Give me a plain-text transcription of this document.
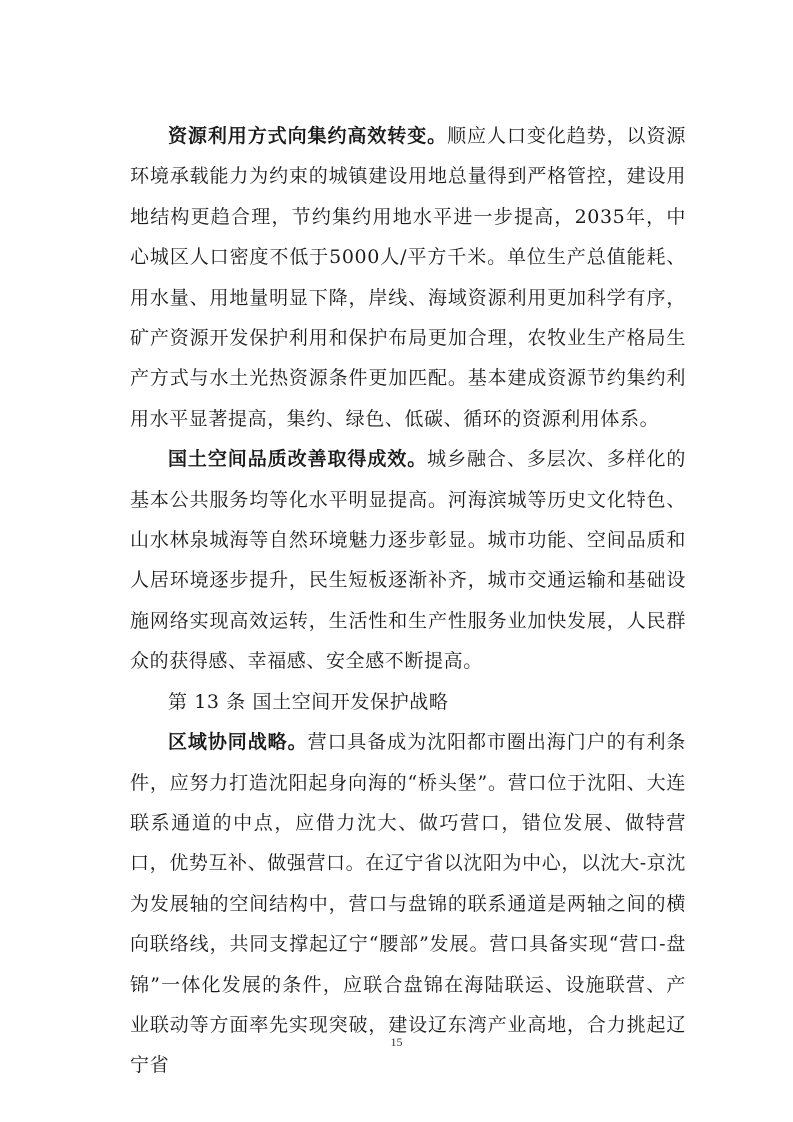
资源利用方式向集约高效转变。顺应人口变化趋势，以资源环境承载能力为约束的城镇建设用地总量得到严格管控，建设用地结构更趋合理，节约集约用地水平进一步提高，2035年，中心城区人口密度不低于5000人/平方千米。单位生产总值能耗、用水量、用地量明显下降，岸线、海域资源利用更加科学有序，矿产资源开发保护利用和保护布局更加合理，农牧业生产格局生产方式与水土光热资源条件更加匹配。基本建成资源节约集约利用水平显著提高，集约、绿色、低碳、循环的资源利用体系。

国土空间品质改善取得成效。城乡融合、多层次、多样化的基本公共服务均等化水平明显提高。河海滨城等历史文化特色、山水林泉城海等自然环境魅力逐步彰显。城市功能、空间品质和人居环境逐步提升，民生短板逐渐补齐，城市交通运输和基础设施网络实现高效运转，生活性和生产性服务业加快发展，人民群众的获得感、幸福感、安全感不断提高。

第 13 条 国土空间开发保护战略

区域协同战略。营口具备成为沈阳都市圈出海门户的有利条件，应努力打造沈阳起身向海的“桥头堡”。营口位于沈阳、大连联系通道的中点，应借力沈大、做巧营口，错位发展、做特营口，优势互补、做强营口。在辽宁省以沈阳为中心，以沈大-京沈为发展轴的空间结构中，营口与盘锦的联系通道是两轴之间的横向联络线，共同支撑起辽宁“腰部”发展。营口具备实现“营口-盘锦”一体化发展的条件，应联合盘锦在海陆联运、设施联营、产业联动等方面率先实现突破，建设辽东湾产业高地，合力挑起辽宁省

15
